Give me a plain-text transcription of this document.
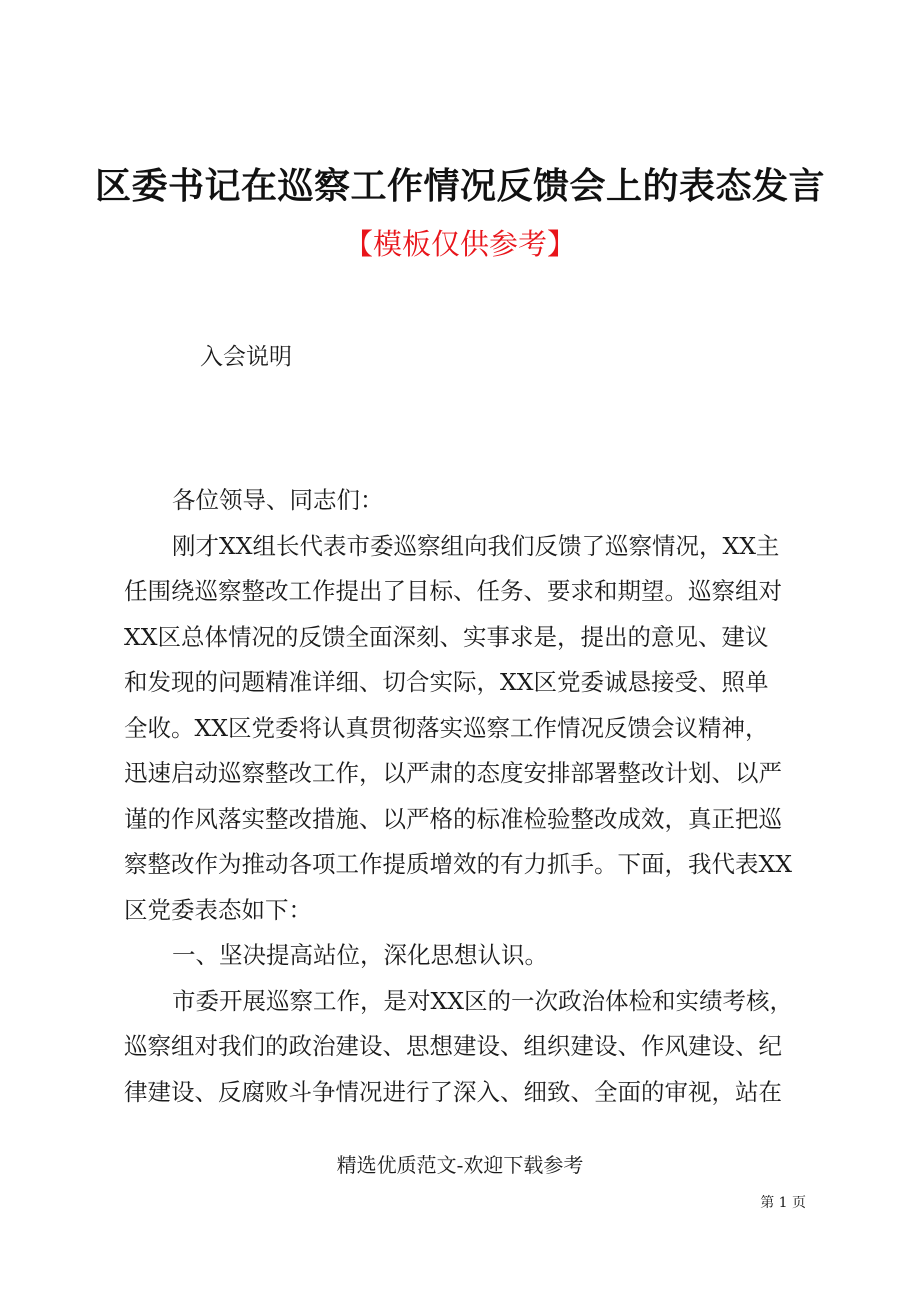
区委书记在巡察工作情况反馈会上的表态发言
【模板仅供参考】
入会说明
各位领导、同志们：
刚才XX组长代表市委巡察组向我们反馈了巡察情况，XX主
任围绕巡察整改工作提出了目标、任务、要求和期望。巡察组对
XX区总体情况的反馈全面深刻、实事求是，提出的意见、建议
和发现的问题精准详细、切合实际，XX区党委诚恳接受、照单
全收。XX区党委将认真贯彻落实巡察工作情况反馈会议精神，
迅速启动巡察整改工作，以严肃的态度安排部署整改计划、以严
谨的作风落实整改措施、以严格的标准检验整改成效，真正把巡
察整改作为推动各项工作提质增效的有力抓手。下面，我代表XX
区党委表态如下：
一、坚决提高站位，深化思想认识。
市委开展巡察工作，是对XX区的一次政治体检和实绩考核，
巡察组对我们的政治建设、思想建设、组织建设、作风建设、纪
律建设、反腐败斗争情况进行了深入、细致、全面的审视，站在
精选优质范文-欢迎下载参考
第 1 页
